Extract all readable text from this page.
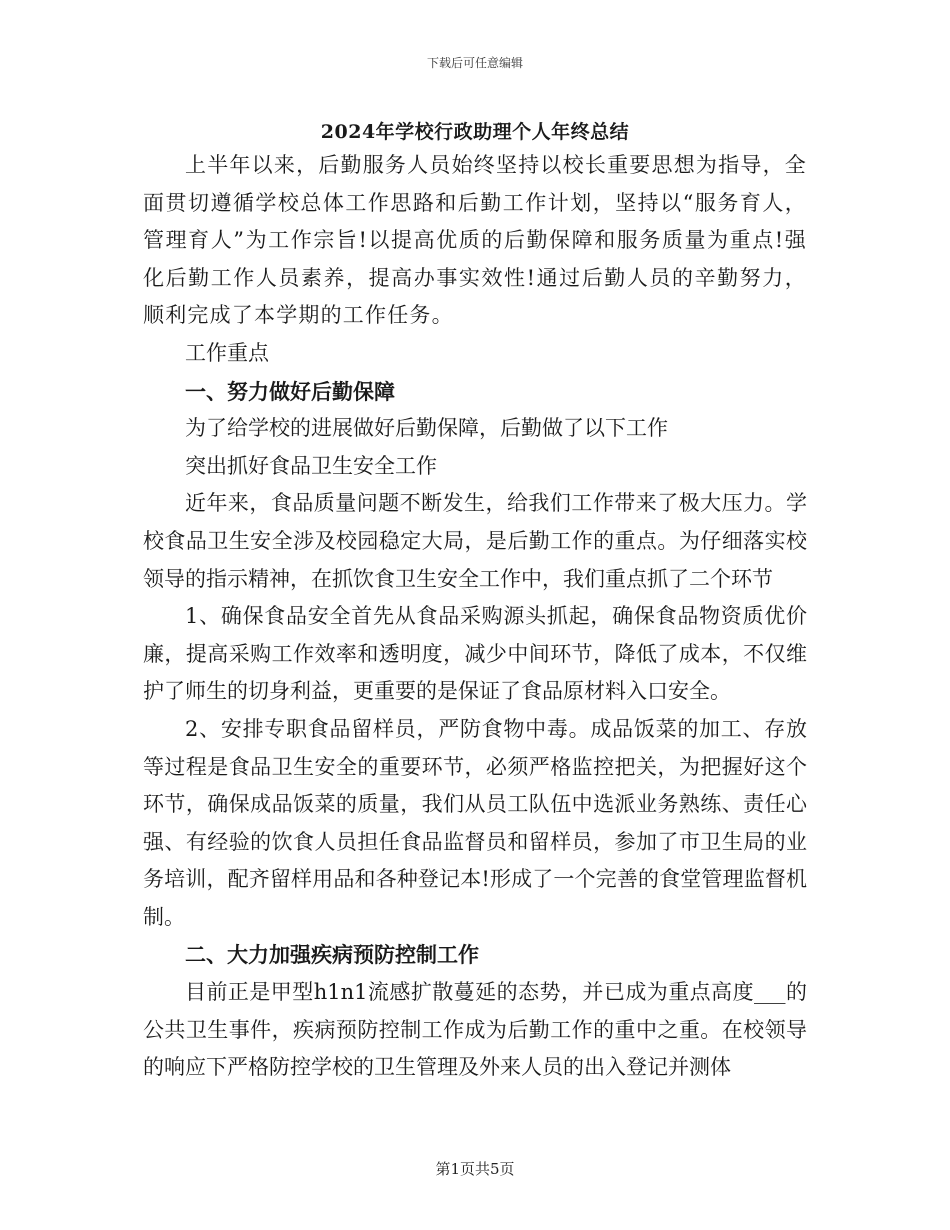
下载后可任意编辑
2024年学校行政助理个人年终总结

上半年以来，后勤服务人员始终坚持以校长重要思想为指导，全面贯切遵循学校总体工作思路和后勤工作计划，坚持以“服务育人，管理育人”为工作宗旨!以提高优质的后勤保障和服务质量为重点!强化后勤工作人员素养，提高办事实效性!通过后勤人员的辛勤努力，顺利完成了本学期的工作任务。

工作重点

一、努力做好后勤保障

为了给学校的进展做好后勤保障，后勤做了以下工作

突出抓好食品卫生安全工作

近年来，食品质量问题不断发生，给我们工作带来了极大压力。学校食品卫生安全涉及校园稳定大局，是后勤工作的重点。为仔细落实校领导的指示精神，在抓饮食卫生安全工作中，我们重点抓了二个环节

1、确保食品安全首先从食品采购源头抓起，确保食品物资质优价廉，提高采购工作效率和透明度，减少中间环节，降低了成本，不仅维护了师生的切身利益，更重要的是保证了食品原材料入口安全。

2、安排专职食品留样员，严防食物中毒。成品饭菜的加工、存放等过程是食品卫生安全的重要环节，必须严格监控把关，为把握好这个环节，确保成品饭菜的质量，我们从员工队伍中选派业务熟练、责任心强、有经验的饮食人员担任食品监督员和留样员，参加了市卫生局的业务培训，配齐留样用品和各种登记本!形成了一个完善的食堂管理监督机制。

二、大力加强疾病预防控制工作

目前正是甲型h1n1流感扩散蔓延的态势，并已成为重点高度___的公共卫生事件，疾病预防控制工作成为后勤工作的重中之重。在校领导的响应下严格防控学校的卫生管理及外来人员的出入登记并测体

第1页共5页
